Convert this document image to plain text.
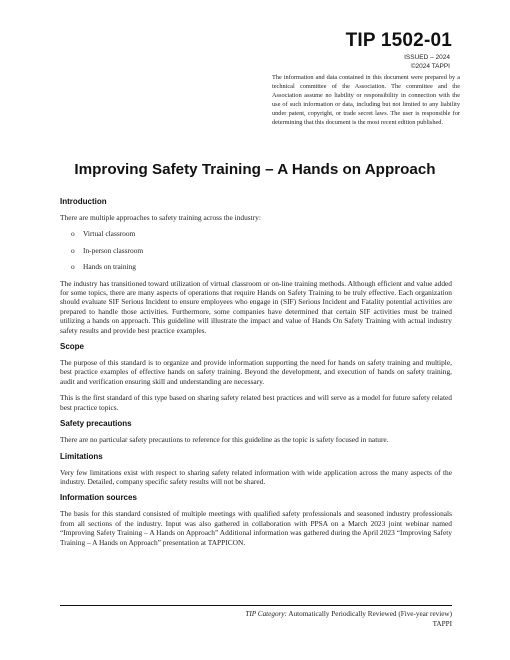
TIP 1502-01
ISSUED – 2024
©2024 TAPPI

The information and data contained in this document were prepared by a technical committee of the Association. The committee and the Association assume no liability or responsibility in connection with the use of such information or data, including but not limited to any liability under patent, copyright, or trade secret laws. The user is responsible for determining that this document is the most recent edition published.

Improving Safety Training – A Hands on Approach
Introduction

There are multiple approaches to safety training across the industry:

o	Virtual classroom
o	In-person classroom
o	Hands on training

The industry has transitioned toward utilization of virtual classroom or on-line training methods. Although efficient and value added for some topics, there are many aspects of operations that require Hands on Safety Training to be truly effective. Each organization should evaluate SIF Serious Incident to ensure employees who engage in (SIF) Serious Incident and Fatality potential activities are prepared to handle those activities. Furthermore, some companies have determined that certain SIF activities must be trained utilizing a hands on approach. This guideline will illustrate the impact and value of Hands On Safety Training with actual industry safety results and provide best practice examples.

Scope

The purpose of this standard is to organize and provide information supporting the need for hands on safety training and multiple, best practice examples of effective hands on safety training. Beyond the development, and execution of hands on safety training, audit and verification ensuring skill and understanding are necessary.

This is the first standard of this type based on sharing safety related best practices and will serve as a model for future safety related best practice topics.

Safety precautions

There are no particular safety precautions to reference for this guideline as the topic is safety focused in nature.

Limitations

Very few limitations exist with respect to sharing safety related information with wide application across the many aspects of the industry. Detailed, company specific safety results will not be shared.

Information sources

The basis for this standard consisted of multiple meetings with qualified safety professionals and seasoned industry professionals from all sections of the industry. Input was also gathered in collaboration with PPSA on a March 2023 joint webinar named “Improving Safety Training – A Hands on Approach” Additional information was gathered during the April 2023 “Improving Safety Training – A Hands on Approach” presentation at TAPPICON.

TIP Category: Automatically Periodically Reviewed (Five-year review)
TAPPI
